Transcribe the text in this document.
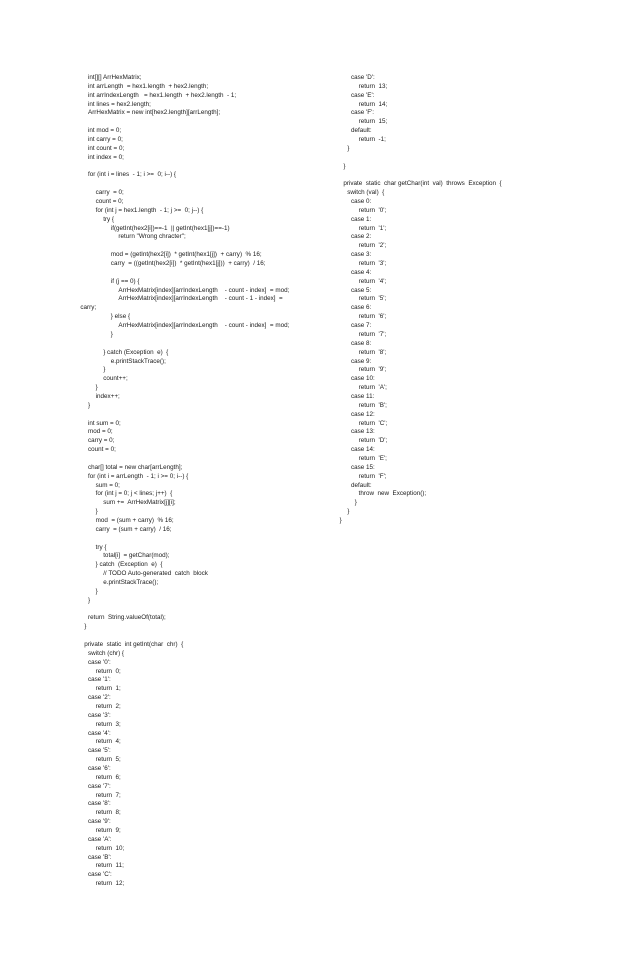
int[][] ArrHexMatrix;
int arrLength  = hex1.length  + hex2.length;
int arrIndexLength   = hex1.length  + hex2.length  - 1;
int lines = hex2.length;
ArrHexMatrix = new int[hex2.length][arrLength];
int mod = 0;
int carry = 0;
int count = 0;
int index = 0;
for (int i = lines  - 1; i >=  0; i--) {
carry  = 0;
count = 0;
for (int j = hex1.length  - 1; j >=  0; j--) {
try {
if(getInt(hex2[i])==-1  || getInt(hex1[j])==-1)
return "Wrong chracter";
mod = (getInt(hex2[i])  * getInt(hex1[j])  + carry)  % 16;
carry  = ((getInt(hex2[i])  * getInt(hex1[j]))  + carry)  / 16;
if (j == 0) {
ArrHexMatrix[index][arrIndexLength    - count - index]  = mod;
ArrHexMatrix[index][arrIndexLength    - count - 1 - index]  =
carry;
} else {
ArrHexMatrix[index][arrIndexLength    - count - index]  = mod;
}
} catch (Exception  e)  {
e.printStackTrace();
}
count++;
}
index++;
}
int sum = 0;
mod = 0;
carry = 0;
count = 0;
char[] total = new char[arrLength];
for (int i = arrLength  - 1; i >= 0; i--) {
sum = 0;
for (int j = 0; j < lines; j++)  {
sum +=  ArrHexMatrix[j][i];
}
mod  = (sum + carry)  % 16;
carry  = (sum + carry)  / 16;
try {
total[i]  = getChar(mod);
} catch  (Exception  e)  {
// TODO Auto-generated  catch  block
e.printStackTrace();
}
}
return  String.valueOf(total);
}
private  static  int getInt(char  chr)  {
switch (chr) {
case '0':
return  0;
case '1':
return  1;
case '2':
return  2;
case '3':
return  3;
case '4':
return  4;
case '5':
return  5;
case '6':
return  6;
case '7':
return  7;
case '8':
return  8;
case '9':
return  9;
case 'A':
return  10;
case 'B':
return  11;
case 'C':
return  12;
case 'D':
return  13;
case 'E':
return  14;
case 'F':
return  15;
default:
return  -1;
}
}
private  static  char getChar(int  val)  throws  Exception  {
switch (val)  {
case 0:
return  '0';
case 1:
return  '1';
case 2:
return  '2';
case 3:
return  '3';
case 4:
return  '4';
case 5:
return  '5';
case 6:
return  '6';
case 7:
return  '7';
case 8:
return  '8';
case 9:
return  '9';
case 10:
return  'A';
case 11:
return  'B';
case 12:
return  'C';
case 13:
return  'D';
case 14:
return  'E';
case 15:
return  'F';
default:
throw  new  Exception();
}
}
}
